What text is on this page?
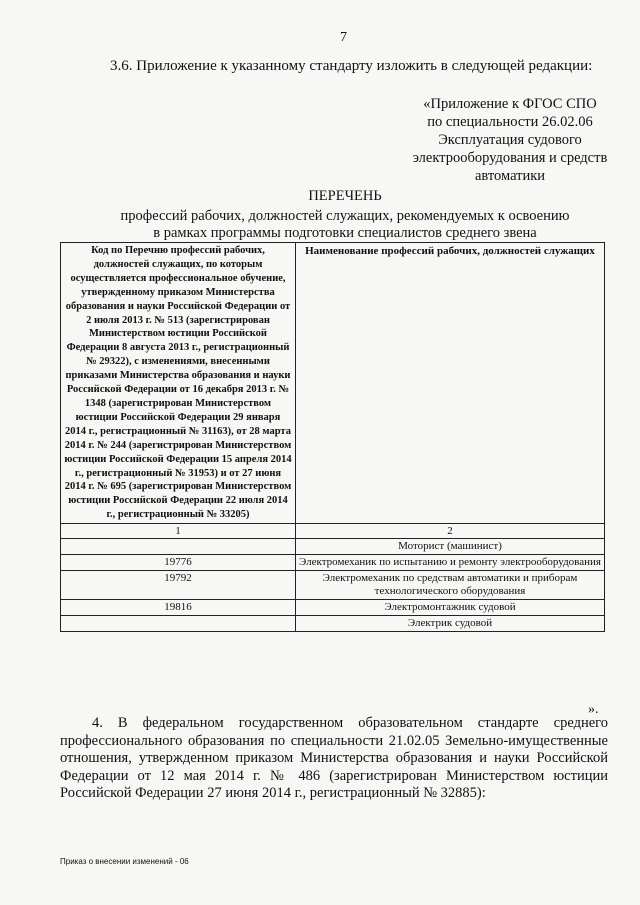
7
3.6. Приложение к указанному стандарту изложить в следующей редакции:
«Приложение к ФГОС СПО
по специальности 26.02.06
Эксплуатация судового
электрооборудования и средств
автоматики
ПЕРЕЧЕНЬ
профессий рабочих, должностей служащих, рекомендуемых к освоению
в рамках программы подготовки специалистов среднего звена
Код по Перечню профессий рабочих, должностей служащих, по которым осуществляется профессиональное обучение, утвержденному приказом Министерства образования и науки Российской Федерации от 2 июля 2013 г. № 513 (зарегистрирован Министерством юстиции Российской Федерации 8 августа 2013 г., регистрационный № 29322), с изменениями, внесенными приказами Министерства образования и науки Российской Федерации от 16 декабря 2013 г. № 1348 (зарегистрирован Министерством юстиции Российской Федерации 29 января 2014 г., регистрационный № 31163), от 28 марта 2014 г. № 244 (зарегистрирован Министерством юстиции Российской Федерации 15 апреля 2014 г., регистрационный № 31953) и от 27 июня 2014 г. № 695 (зарегистрирован Министерством юстиции Российской Федерации 22 июля 2014 г., регистрационный № 33205)	Наименование профессий рабочих, должностей служащих
1	2
	Моторист (машинист)
19776	Электромеханик по испытанию и ремонту электрооборудования
19792	Электромеханик по средствам автоматики и приборам технологического оборудования
19816	Электромонтажник судовой
	Электрик судовой
».
4. В федеральном государственном образовательном стандарте среднего профессионального образования по специальности 21.02.05 Земельно-имущественные отношения, утвержденном приказом Министерства образования и науки Российской Федерации от 12 мая 2014 г. № 486 (зарегистрирован Министерством юстиции Российской Федерации 27 июня 2014 г., регистрационный № 32885):
Приказ о внесении изменений - 06
